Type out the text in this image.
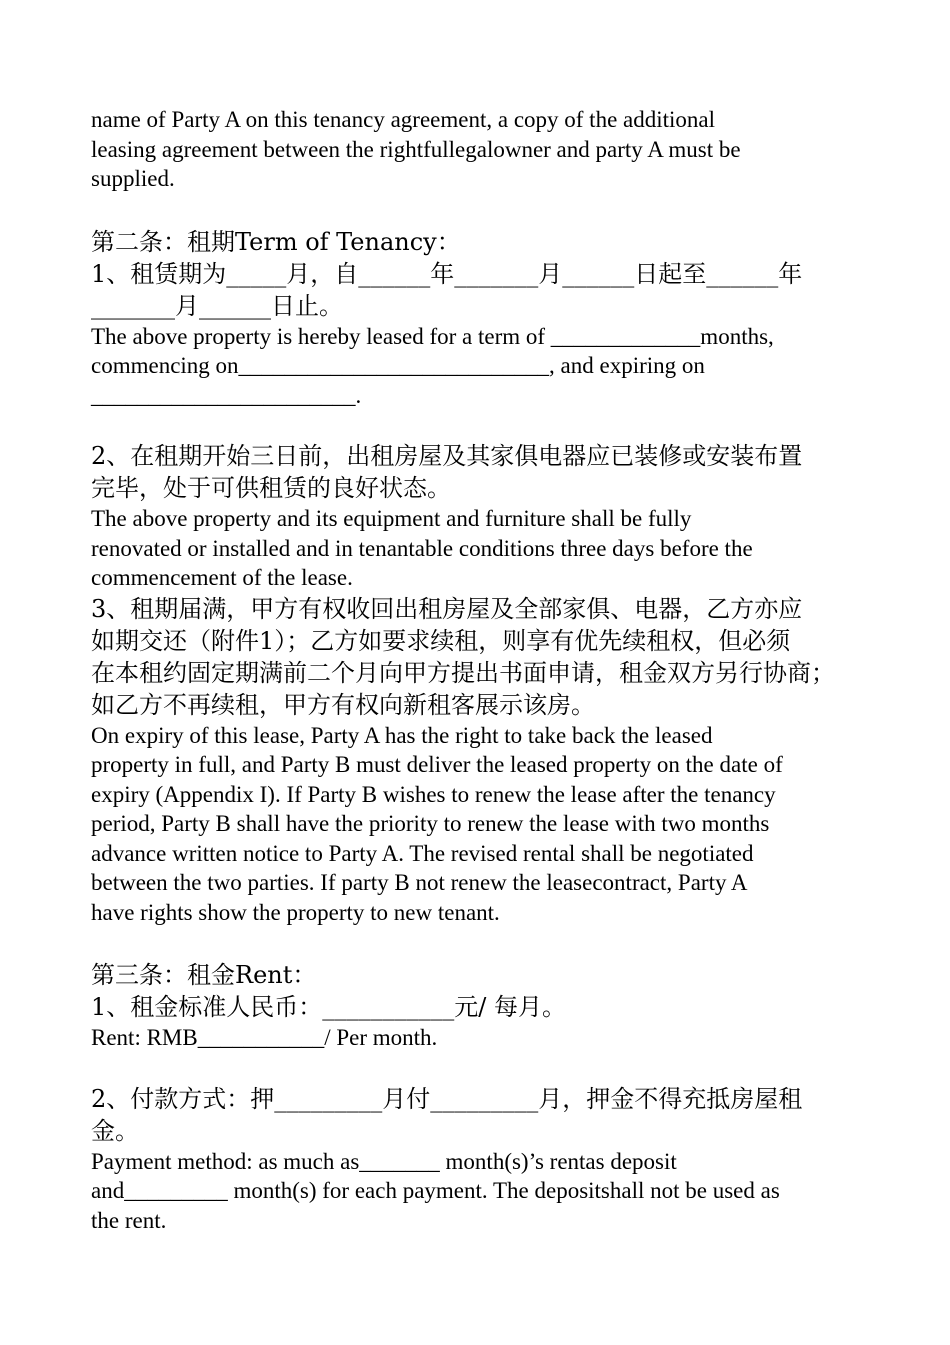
name of Party A on this tenancy agreement, a copy of the additional
leasing agreement between the rightfullegalowner and party A must be
supplied.
第二条：租期Term of Tenancy：
1、租赁期为_____月，自______年_______月______日起至______年
_______月______日止。
The above property is hereby leased for a term of _____________months,
commencing on___________________________, and expiring on
_______________________.
2、在租期开始三日前，出租房屋及其家俱电器应已装修或安装布置
完毕，处于可供租赁的良好状态。
The above property and its equipment and furniture shall be fully
renovated or installed and in tenantable conditions three days before the
commencement of the lease.
3、租期届满，甲方有权收回出租房屋及全部家俱、电器，乙方亦应
如期交还（附件1）；乙方如要求续租，则享有优先续租权，但必须
在本租约固定期满前二个月向甲方提出书面申请，租金双方另行协商；
如乙方不再续租，甲方有权向新租客展示该房。
On expiry of this lease, Party A has the right to take back the leased
property in full, and Party B must deliver the leased property on the date of
expiry (Appendix I). If Party B wishes to renew the lease after the tenancy
period, Party B shall have the priority to renew the lease with two months
advance written notice to Party A. The revised rental shall be negotiated
between the two parties. If party B not renew the leasecontract, Party A
have rights show the property to new tenant.
第三条：租金Rent：
1、租金标准人民币：___________元/ 每月。
Rent: RMB___________/ Per month.
2、付款方式：押_________月付_________月，押金不得充抵房屋租
金。
Payment method: as much as_______ month(s)’s rentas deposit
and_________ month(s) for each payment. The depositshall not be used as
the rent.
